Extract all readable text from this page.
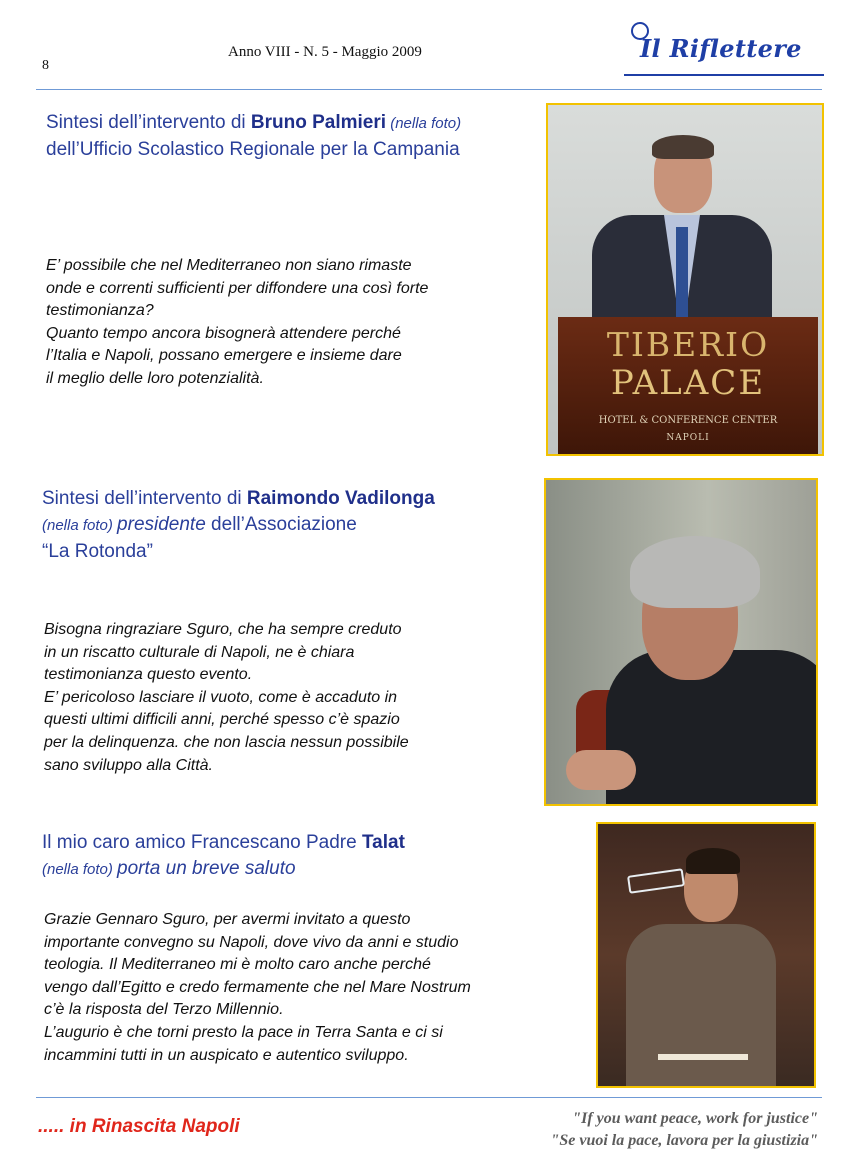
8
Anno VIII - N. 5 - Maggio 2009	Il Riflettere
Sintesi dell’intervento di Bruno Palmieri (nella foto) dell’Ufficio Scolastico Regionale per la Campania
E’ possibile che nel Mediterraneo non siano rimaste
onde e correnti sufficienti per diffondere una così forte
testimonianza?
Quanto tempo ancora bisognerà attendere perché
l’Italia e Napoli, possano emergere e insieme dare
il meglio delle loro potenzialità.
TIBERIO
PALACE
HOTEL & CONFERENCE CENTER
NAPOLI
Sintesi dell’intervento di Raimondo Vadilonga
(nella foto) presidente dell’Associazione
“La Rotonda”
Bisogna ringraziare Sguro, che ha sempre creduto
in un riscatto culturale di Napoli, ne è chiara
testimonianza questo evento.
E’ pericoloso lasciare il vuoto, come è accaduto in
questi ultimi difficili anni, perché spesso c’è spazio
per la delinquenza. che non lascia nessun possibile
sano sviluppo alla Città.
Il mio caro amico Francescano Padre Talat
(nella foto) porta un breve saluto
Grazie Gennaro Sguro, per avermi invitato a questo
importante convegno su Napoli, dove vivo da anni e studio
teologia. Il Mediterraneo mi è molto caro anche perché
vengo dall’Egitto e credo fermamente che nel Mare Nostrum
c’è la risposta del Terzo Millennio.
L’augurio è che torni presto la pace in Terra Santa e ci si
incammini tutti in un auspicato e autentico sviluppo.
..... in Rinascita Napoli	"If you want peace, work for justice"
"Se vuoi la pace, lavora per la giustizia"
